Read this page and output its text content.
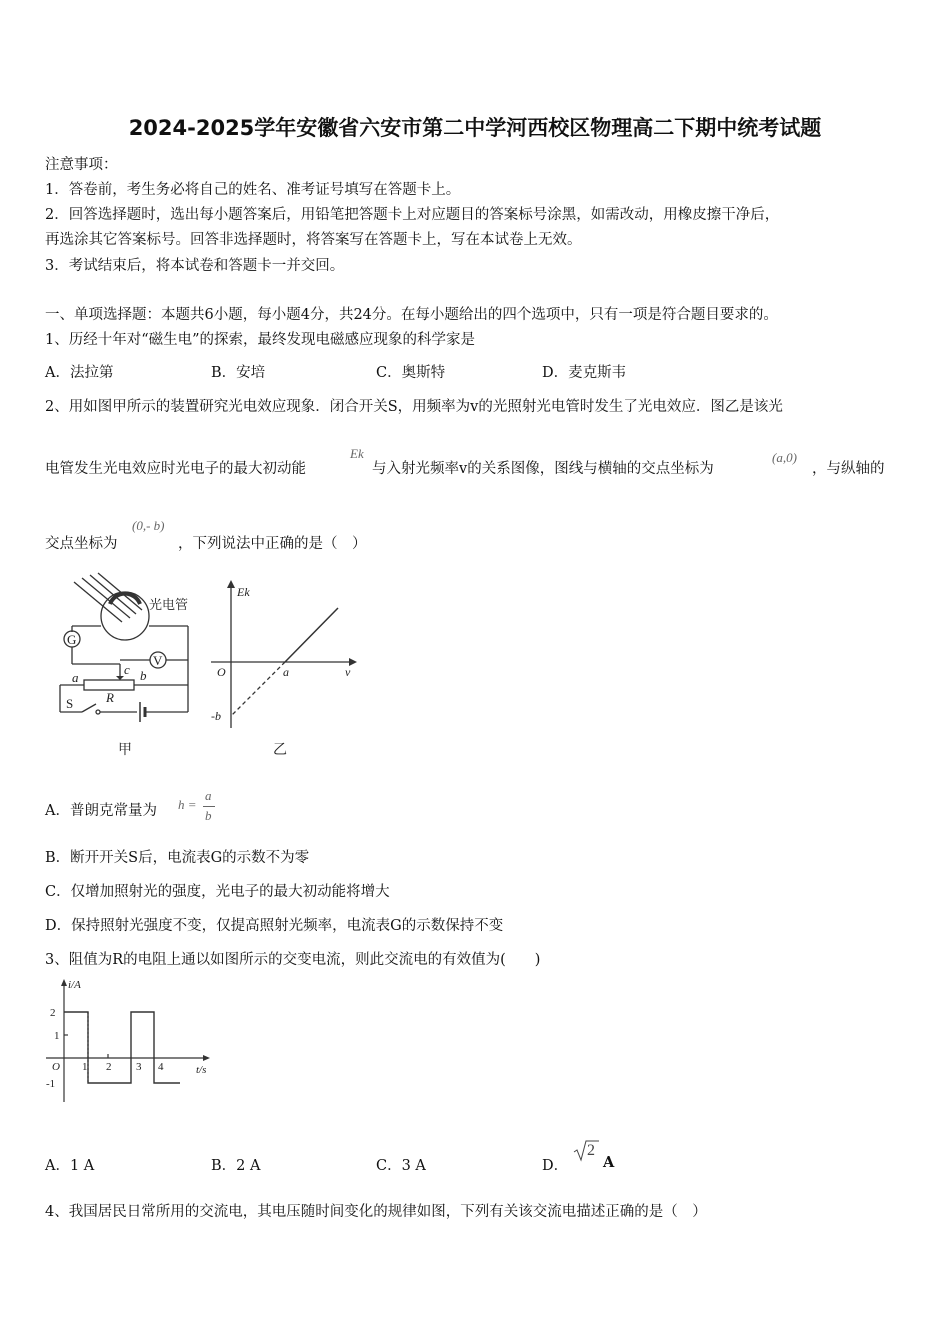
2024-2025学年安徽省六安市第二中学河西校区物理高二下期中统考试题
注意事项：
1．答卷前，考生务必将自己的姓名、准考证号填写在答题卡上。
2．回答选择题时，选出每小题答案后，用铅笔把答题卡上对应题目的答案标号涂黑，如需改动，用橡皮擦干净后，
再选涂其它答案标号。回答非选择题时，将答案写在答题卡上，写在本试卷上无效。
3．考试结束后，将本试卷和答题卡一并交回。
一、单项选择题：本题共6小题，每小题4分，共24分。在每小题给出的四个选项中，只有一项是符合题目要求的。
1、历经十年对“磁生电”的探索，最终发现电磁感应现象的科学家是
A．法拉第	B．安培	C．奥斯特	D．麦克斯韦
2、用如图甲所示的装置研究光电效应现象．闭合开关S，用频率为v的光照射光电管时发生了光电效应．图乙是该光
电管发生光电效应时光电子的最大初动能
Ek
与入射光频率v的关系图像，图线与横轴的交点坐标为
(a,0)
，与纵轴的
交点坐标为
(0,- b)
，下列说法中正确的是（　）
光电管
G
V
c
a	b
R
S
甲
Ek
ν
O	a
-b
乙
A．普朗克常量为 h =
a
b
B．断开开关S后，电流表G的示数不为零
C．仅增加照射光的强度，光电子的最大初动能将增大
D．保持照射光强度不变，仅提高照射光频率，电流表G的示数保持不变
3、阻值为R的电阻上通以如图所示的交变电流，则此交流电的有效值为(　　)
i/A
t/s
O
2
1
-1
1 2 3 4
A．1 A	B．2 A	C．3 A	D．
2
A
4、我国居民日常所用的交流电，其电压随时间变化的规律如图，下列有关该交流电描述正确的是（　）
